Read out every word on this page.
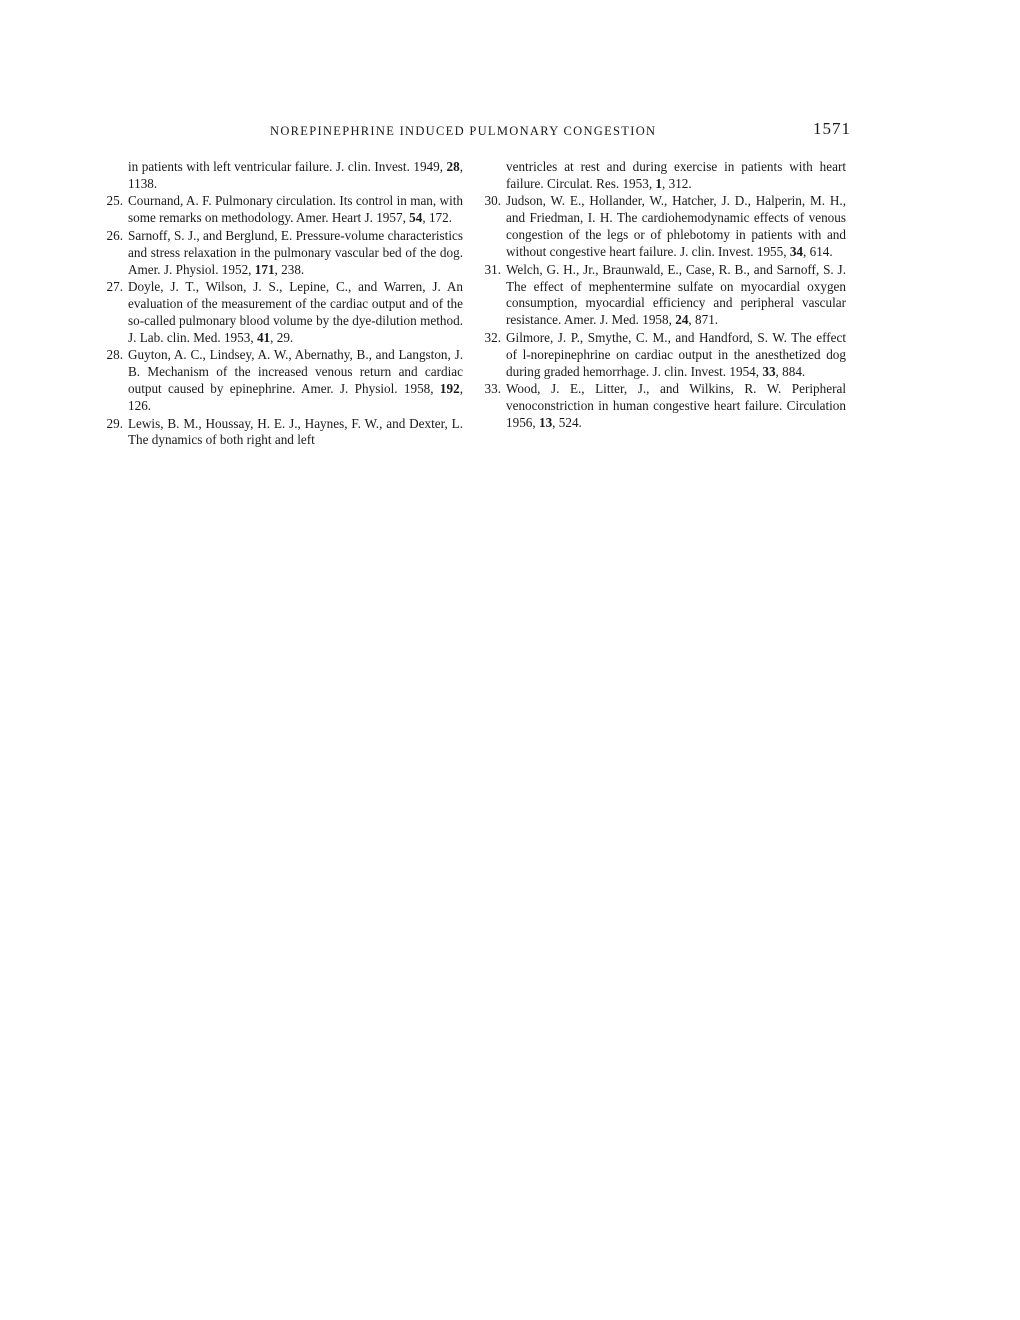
NOREPINEPHRINE INDUCED PULMONARY CONGESTION	1571
in patients with left ventricular failure. J. clin. Invest. 1949, 28, 1138.
25. Cournand, A. F. Pulmonary circulation. Its control in man, with some remarks on methodology. Amer. Heart J. 1957, 54, 172.
26. Sarnoff, S. J., and Berglund, E. Pressure-volume characteristics and stress relaxation in the pulmonary vascular bed of the dog. Amer. J. Physiol. 1952, 171, 238.
27. Doyle, J. T., Wilson, J. S., Lepine, C., and Warren, J. An evaluation of the measurement of the cardiac output and of the so-called pulmonary blood volume by the dye-dilution method. J. Lab. clin. Med. 1953, 41, 29.
28. Guyton, A. C., Lindsey, A. W., Abernathy, B., and Langston, J. B. Mechanism of the increased venous return and cardiac output caused by epinephrine. Amer. J. Physiol. 1958, 192, 126.
29. Lewis, B. M., Houssay, H. E. J., Haynes, F. W., and Dexter, L. The dynamics of both right and left
ventricles at rest and during exercise in patients with heart failure. Circulat. Res. 1953, 1, 312.
30. Judson, W. E., Hollander, W., Hatcher, J. D., Halperin, M. H., and Friedman, I. H. The cardiohemodynamic effects of venous congestion of the legs or of phlebotomy in patients with and without congestive heart failure. J. clin. Invest. 1955, 34, 614.
31. Welch, G. H., Jr., Braunwald, E., Case, R. B., and Sarnoff, S. J. The effect of mephentermine sulfate on myocardial oxygen consumption, myocardial efficiency and peripheral vascular resistance. Amer. J. Med. 1958, 24, 871.
32. Gilmore, J. P., Smythe, C. M., and Handford, S. W. The effect of l-norepinephrine on cardiac output in the anesthetized dog during graded hemorrhage. J. clin. Invest. 1954, 33, 884.
33. Wood, J. E., Litter, J., and Wilkins, R. W. Peripheral venoconstriction in human congestive heart failure. Circulation 1956, 13, 524.
